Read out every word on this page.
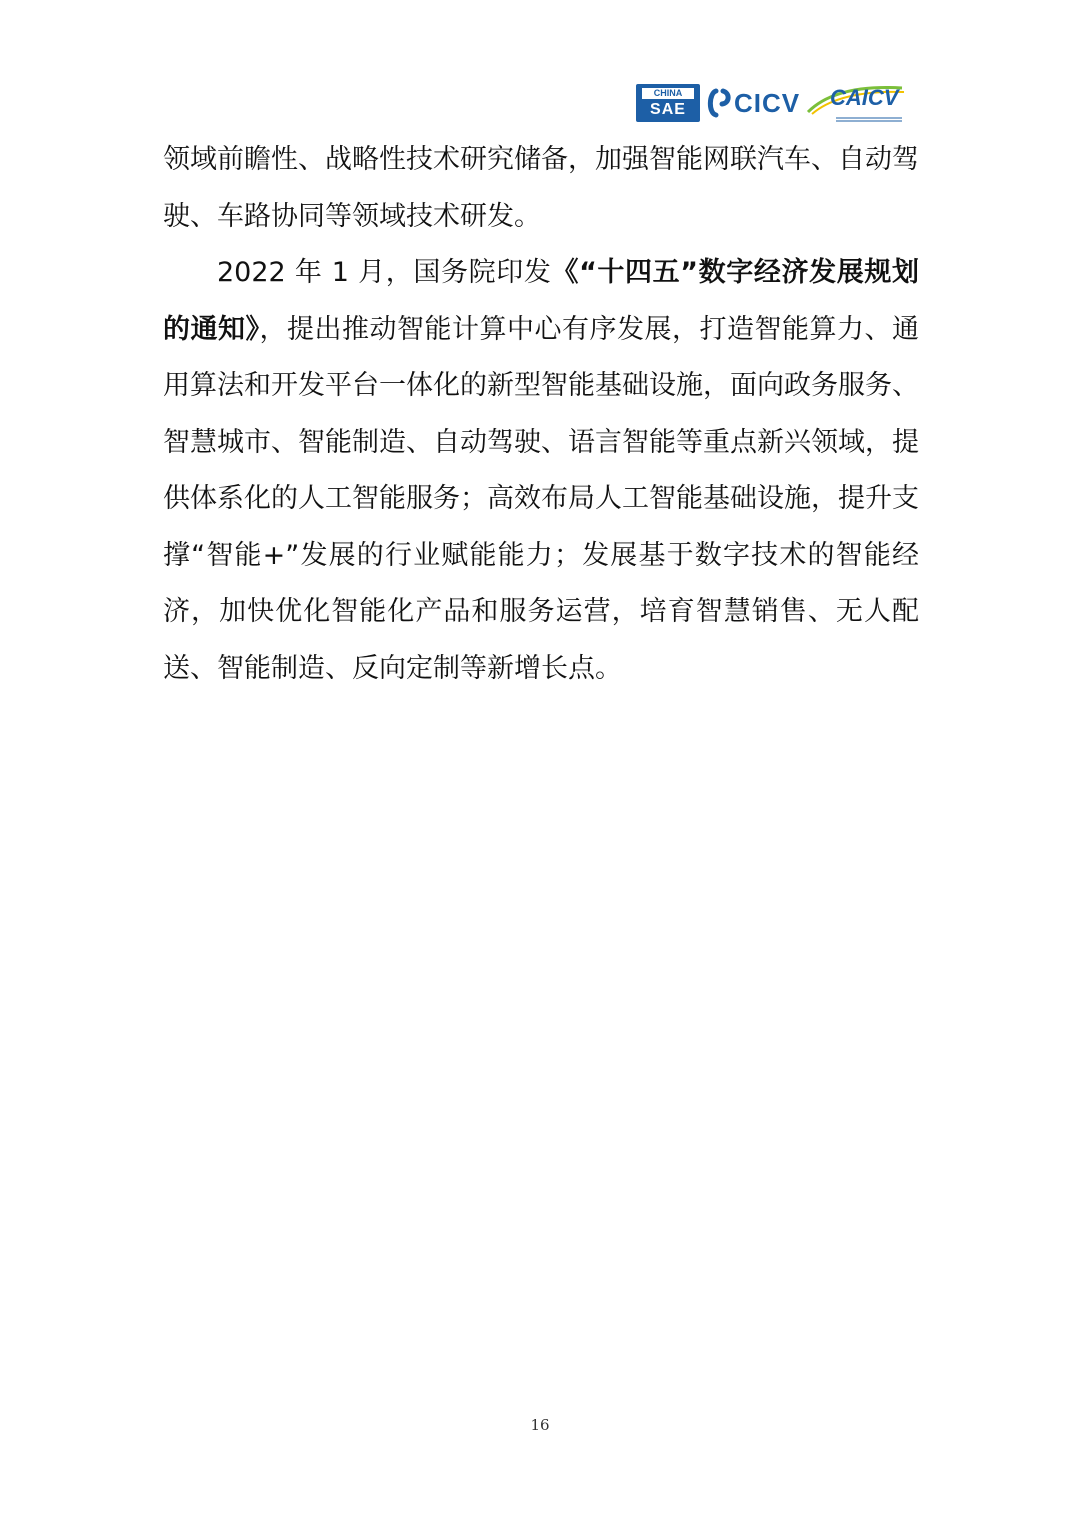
CHINA
SAE	CICV CAICV

领域前瞻性、战略性技术研究储备，加强智能网联汽车、自动驾驶、车路协同等领域技术研发。

2022 年 1 月，国务院印发《“十四五”数字经济发展规划的通知》，提出推动智能计算中心有序发展，打造智能算力、通用算法和开发平台一体化的新型智能基础设施，面向政务服务、智慧城市、智能制造、自动驾驶、语言智能等重点新兴领域，提供体系化的人工智能服务；高效布局人工智能基础设施，提升支撑“智能+”发展的行业赋能能力；发展基于数字技术的智能经济，加快优化智能化产品和服务运营，培育智慧销售、无人配送、智能制造、反向定制等新增长点。

16
